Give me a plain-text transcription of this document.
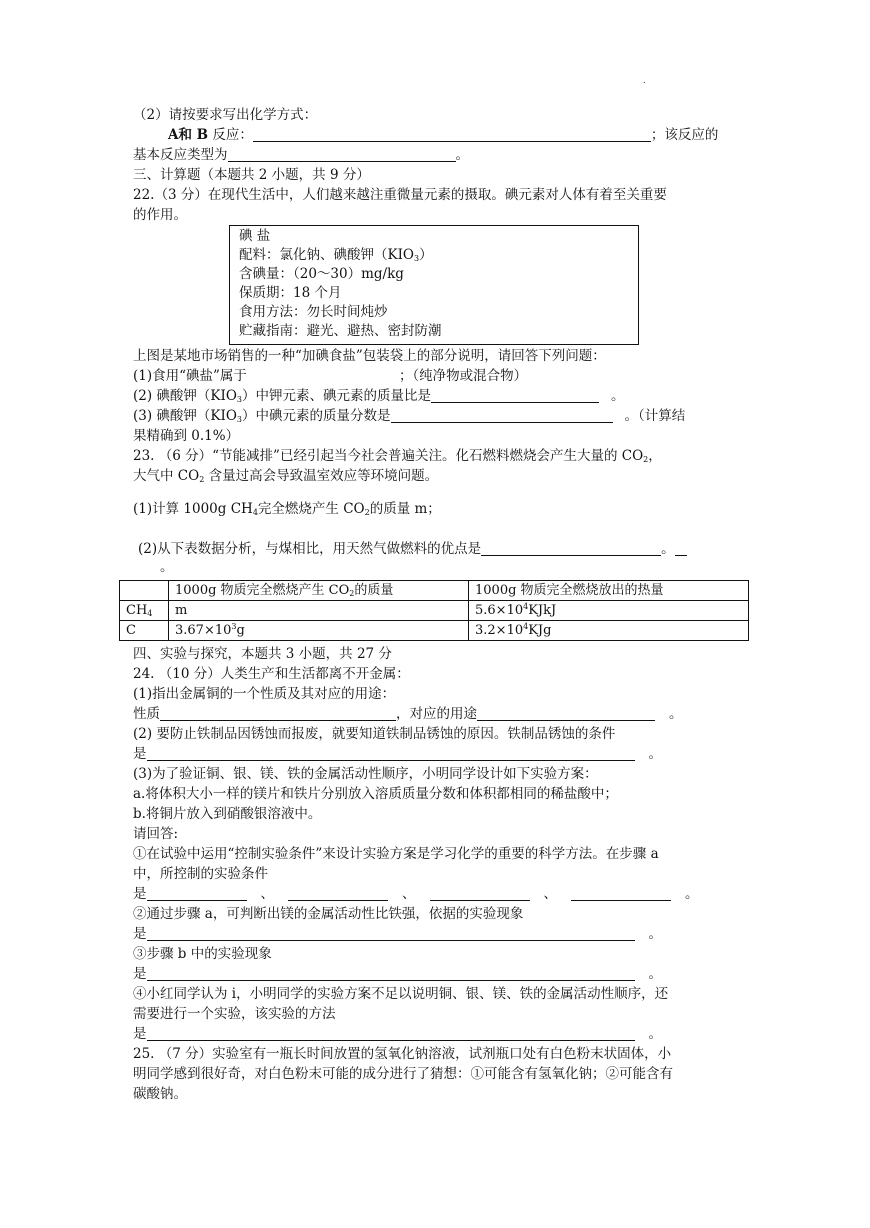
.
（2）请按要求写出化学方式：
A和 B 反应：	；该反应的
基本反应类型为	。
三、计算题（本题共 2 小题，共 9 分）
22.（3 分）在现代生活中，人们越来越注重微量元素的摄取。碘元素对人体有着至关重要
的作用。
碘 盐
配料：氯化钠、碘酸钾$(KIO_3)$
含碘量：（20～30）mg/kg
保质期：18 个月
食用方法：勿长时间炖炒
贮藏指南：避光、避热、密封防潮
上图是某地市场销售的一种“加碘食盐”包装袋上的部分说明，请回答下列问题：
(1)食用“碘盐”属于	；（纯净物或混合物）
(2) 碘酸钾$(KIO_3)$中钾元素、碘元素的质量比是	。
(3) 碘酸钾$(KIO_3)$中碘元素的质量分数是	。（计算结
果精确到 0.1%）
23. （6 分）“节能减排”已经引起当今社会普遍关注。化石燃料燃烧会产生大量的 $CO_2$，
大气中 $CO_2$ 含量过高会导致温室效应等环境问题。
(1)计算 1000g $CH_4$完全燃烧产生 $CO_2$的质量 m；
(2)从下表数据分析，与煤相比，用天然气做燃料的优点是	。
。
	1000g 物质完全燃烧产生 $CO_2$的质量	1000g 物质完全燃烧放出的热量
$CH_4$	m	$5.6\times 10^4KJkJ$
C	$3.67\times 10^3g$	$3.2\times 10^4KJg$
四、实验与探究，本题共 3 小题，共 27 分
24. （10 分）人类生产和生活都离不开金属：
(1)指出金属铜的一个性质及其对应的用途：
性质	，对应的用途	。
(2) 要防止铁制品因锈蚀而报废，就要知道铁制品锈蚀的原因。铁制品锈蚀的条件
是	。
(3)为了验证铜、银、镁、铁的金属活动性顺序，小明同学设计如下实验方案：
a.将体积大小一样的镁片和铁片分别放入溶质质量分数和体积都相同的稀盐酸中；
b.将铜片放入到硝酸银溶液中。
请回答:
①在试验中运用“控制实验条件”来设计实验方案是学习化学的重要的科学方法。在步骤 a
中，所控制的实验条件
是	、	、	、	。
②通过步骤 a，可判断出镁的金属活动性比铁强，依据的实验现象
是	。
③步骤 b 中的实验现象
是	。
④小红同学认为 i，小明同学的实验方案不足以说明铜、银、镁、铁的金属活动性顺序，还
需要进行一个实验，该实验的方法
是	。
25. （7 分）实验室有一瓶长时间放置的氢氧化钠溶液，试剂瓶口处有白色粉末状固体，小
明同学感到很好奇，对白色粉末可能的成分进行了猜想：①可能含有氢氧化钠；②可能含有
碳酸钠。
